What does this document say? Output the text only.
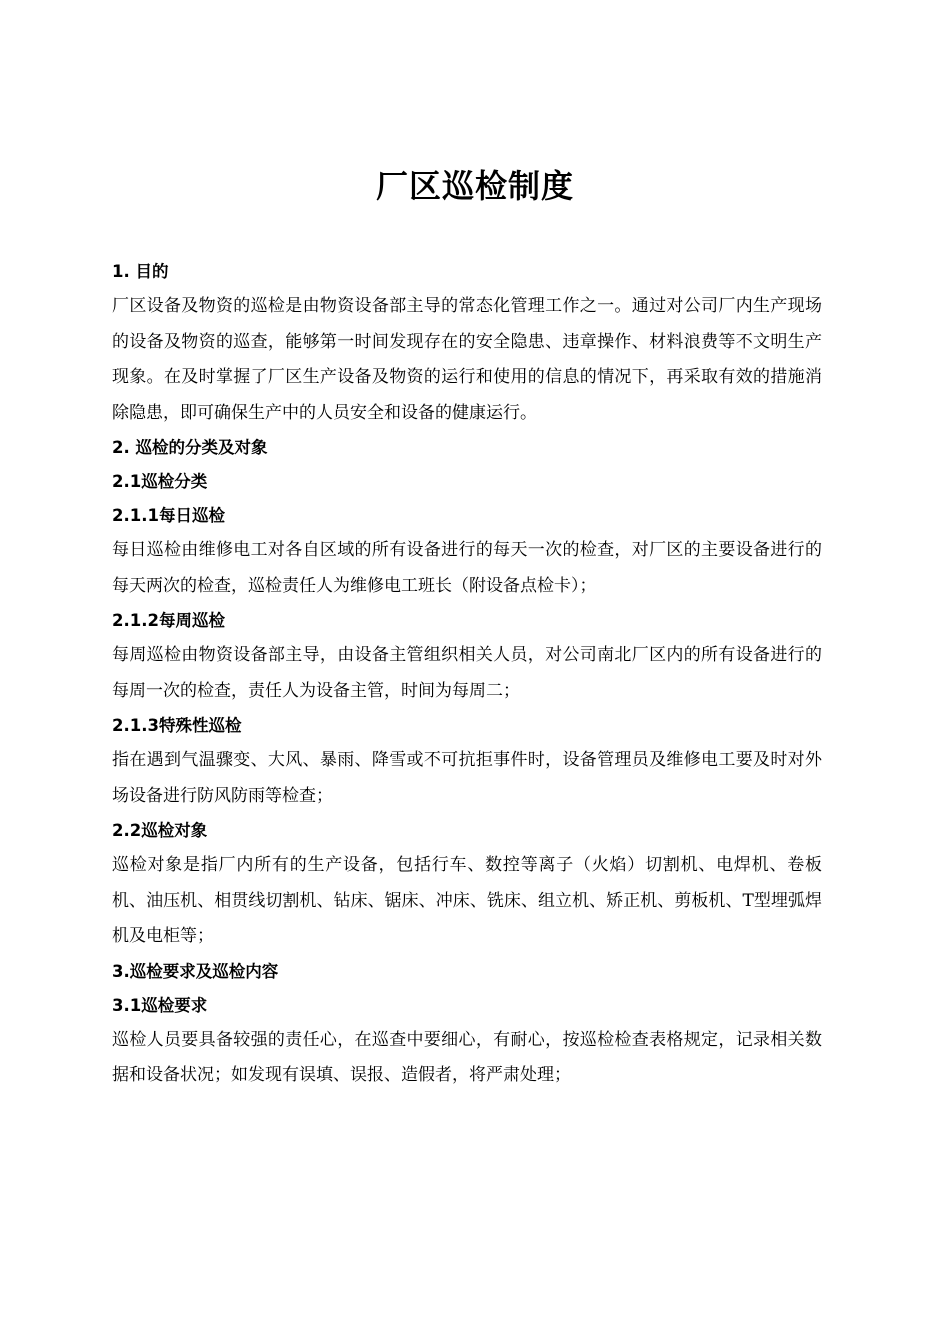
厂区巡检制度
1. 目的
厂区设备及物资的巡检是由物资设备部主导的常态化管理工作之一。通过对公司厂内生产现场的设备及物资的巡查，能够第一时间发现存在的安全隐患、违章操作、材料浪费等不文明生产现象。在及时掌握了厂区生产设备及物资的运行和使用的信息的情况下，再采取有效的措施消除隐患，即可确保生产中的人员安全和设备的健康运行。
2. 巡检的分类及对象
2.1巡检分类
2.1.1每日巡检
每日巡检由维修电工对各自区域的所有设备进行的每天一次的检查，对厂区的主要设备进行的每天两次的检查，巡检责任人为维修电工班长（附设备点检卡）；
2.1.2每周巡检
每周巡检由物资设备部主导，由设备主管组织相关人员，对公司南北厂区内的所有设备进行的每周一次的检查，责任人为设备主管，时间为每周二；
2.1.3特殊性巡检
指在遇到气温骤变、大风、暴雨、降雪或不可抗拒事件时，设备管理员及维修电工要及时对外场设备进行防风防雨等检查；
2.2巡检对象
巡检对象是指厂内所有的生产设备，包括行车、数控等离子（火焰）切割机、电焊机、卷板机、油压机、相贯线切割机、钻床、锯床、冲床、铣床、组立机、矫正机、剪板机、T型埋弧焊机及电柜等；
3.巡检要求及巡检内容
3.1巡检要求
巡检人员要具备较强的责任心，在巡查中要细心，有耐心，按巡检检查表格规定，记录相关数据和设备状况；如发现有误填、误报、造假者，将严肃处理；
